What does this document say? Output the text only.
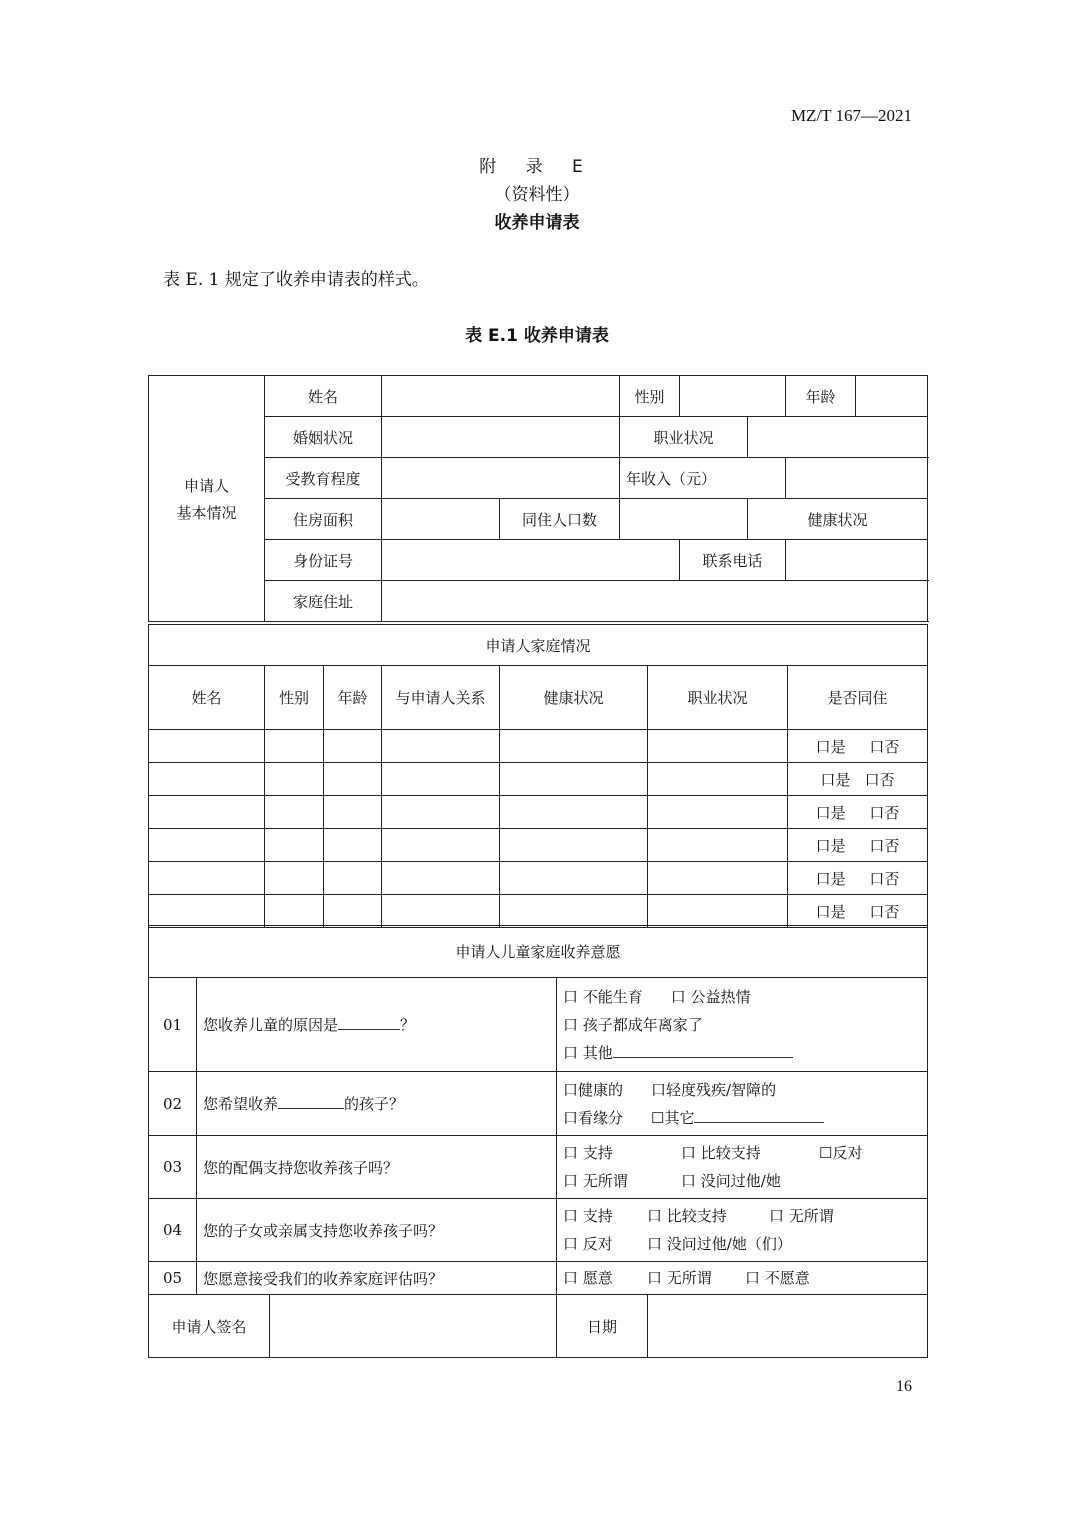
MZ/T 167—2021
附 录 E
（资料性）
收养申请表
表 E. 1 规定了收养申请表的样式。
表 E.1 收养申请表
申请人
基本情况	姓名			性别			年龄		
	婚姻状况			职业状况					
	受教育程度			年收入（元）					
	住房面积		同住人口数			健康状况			
	身份证号				联系电话				
	家庭住址								
申请人家庭情况						
姓名	性别	年龄	与申请人关系	健康状况	职业状况	是否同住
						口是 口否
						口是 口否
						口是 口否
						口是 口否
						口是 口否
						口是 口否
申请人儿童家庭收养意愿				
01	您收养儿童的原因是 ？		口 不能生育 口 公益热情
口 孩子都成年离家了
口 其他	

02	您希望收养 的孩子？		口健康的 口轻度残疾/智障的
口看缘分 ☐其它	

03	您的配偶支持您收养孩子吗？		口 支持 口 比较支持 ☐反对
口 无所谓 口 没问过他/她	

04	您的子女或亲属支持您收养孩子吗？		口 支持 口 比较支持 口 无所谓
口 反对 口 没问过他/她（们）	

05	您愿意接受我们的收养家庭评估吗？		口 愿意 口 无所谓 口 不愿意	

申请人签名			日期	
16
